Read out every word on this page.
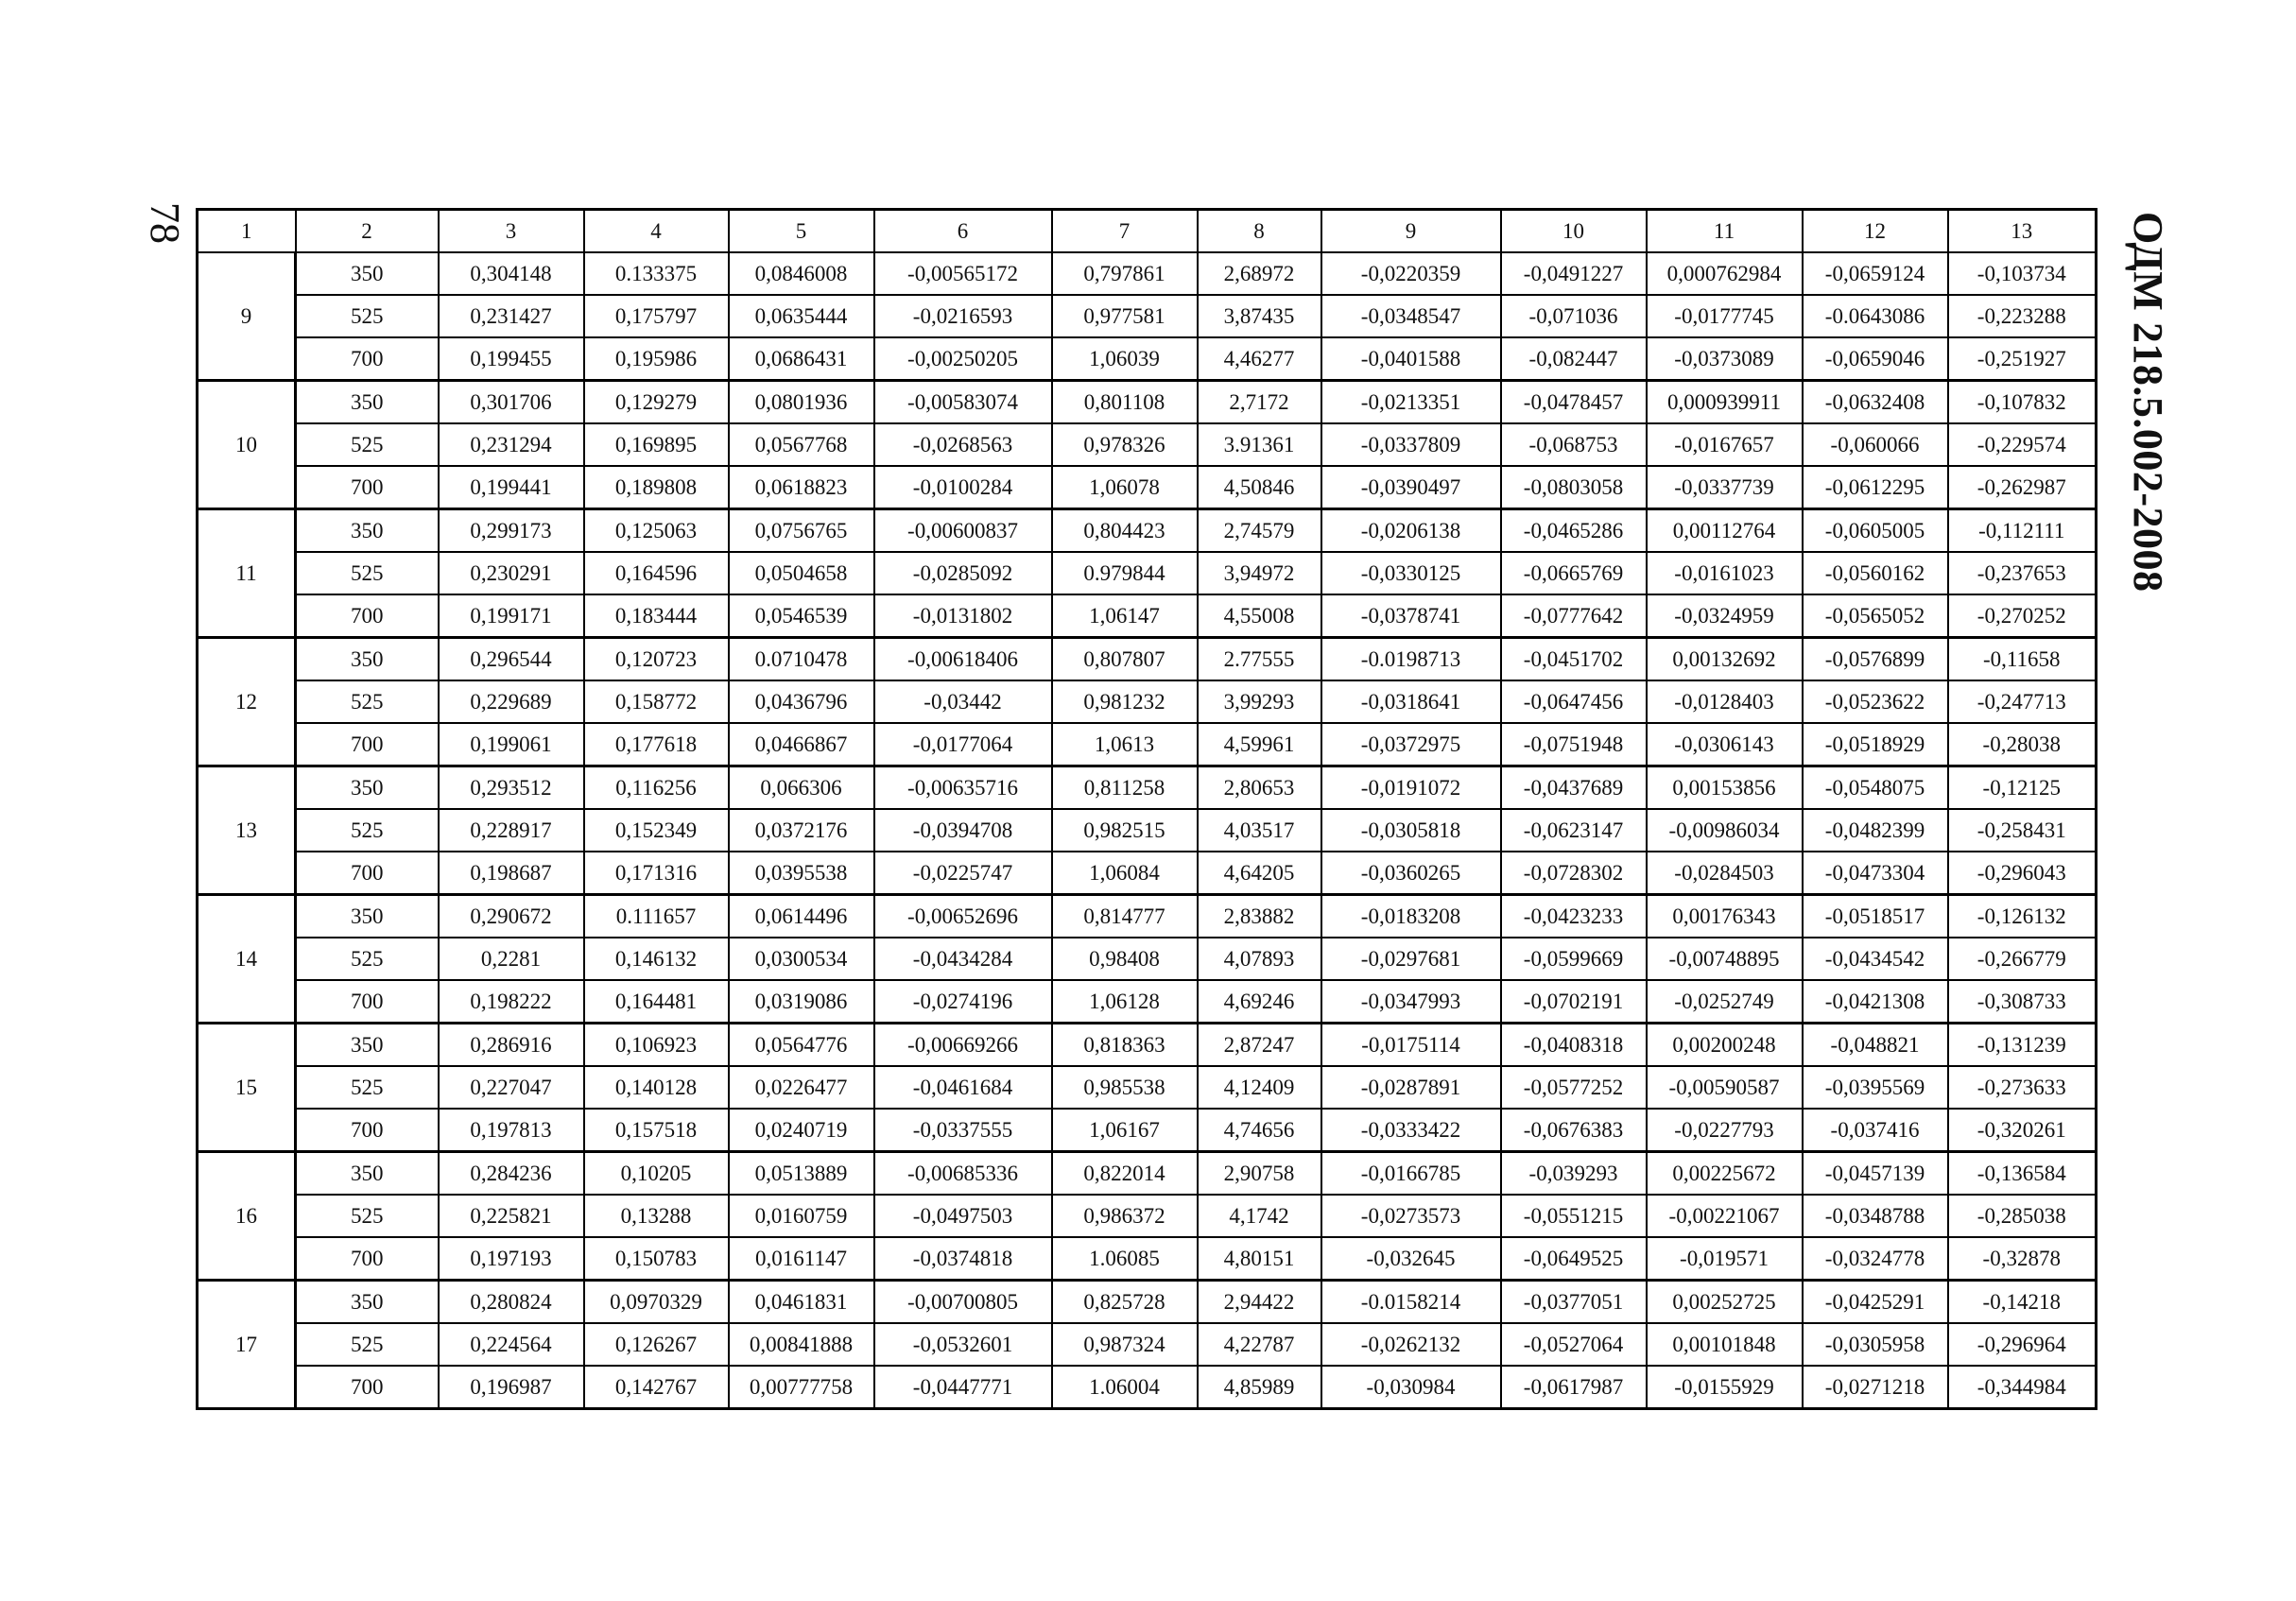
78	ОДМ 218.5.002-2008
1	2	3	4	5	6	7	8	9	10	11	12	13
9	350	0,304148	0.133375	0,0846008	-0,00565172	0,797861	2,68972	-0,0220359	-0,0491227	0,000762984	-0,0659124	-0,103734
	525	0,231427	0,175797	0,0635444	-0,0216593	0,977581	3,87435	-0,0348547	-0,071036	-0,0177745	-0.0643086	-0,223288
	700	0,199455	0,195986	0,0686431	-0,00250205	1,06039	4,46277	-0,0401588	-0,082447	-0,0373089	-0,0659046	-0,251927
10	350	0,301706	0,129279	0,0801936	-0,00583074	0,801108	2,7172	-0,0213351	-0,0478457	0,000939911	-0,0632408	-0,107832
	525	0,231294	0,169895	0,0567768	-0,0268563	0,978326	3.91361	-0,0337809	-0,068753	-0,0167657	-0,060066	-0,229574
	700	0,199441	0,189808	0,0618823	-0,0100284	1,06078	4,50846	-0,0390497	-0,0803058	-0,0337739	-0,0612295	-0,262987
11	350	0,299173	0,125063	0,0756765	-0,00600837	0,804423	2,74579	-0,0206138	-0,0465286	0,00112764	-0,0605005	-0,112111
	525	0,230291	0,164596	0,0504658	-0,0285092	0.979844	3,94972	-0,0330125	-0,0665769	-0,0161023	-0,0560162	-0,237653
	700	0,199171	0,183444	0,0546539	-0,0131802	1,06147	4,55008	-0,0378741	-0,0777642	-0,0324959	-0,0565052	-0,270252
12	350	0,296544	0,120723	0.0710478	-0,00618406	0,807807	2.77555	-0.0198713	-0,0451702	0,00132692	-0,0576899	-0,11658
	525	0,229689	0,158772	0,0436796	-0,03442	0,981232	3,99293	-0,0318641	-0,0647456	-0,0128403	-0,0523622	-0,247713
	700	0,199061	0,177618	0,0466867	-0,0177064	1,0613	4,59961	-0,0372975	-0,0751948	-0,0306143	-0,0518929	-0,28038
13	350	0,293512	0,116256	0,066306	-0,00635716	0,811258	2,80653	-0,0191072	-0,0437689	0,00153856	-0,0548075	-0,12125
	525	0,228917	0,152349	0,0372176	-0,0394708	0,982515	4,03517	-0,0305818	-0,0623147	-0,00986034	-0,0482399	-0,258431
	700	0,198687	0,171316	0,0395538	-0,0225747	1,06084	4,64205	-0,0360265	-0,0728302	-0,0284503	-0,0473304	-0,296043
14	350	0,290672	0.111657	0,0614496	-0,00652696	0,814777	2,83882	-0,0183208	-0,0423233	0,00176343	-0,0518517	-0,126132
	525	0,2281	0,146132	0,0300534	-0,0434284	0,98408	4,07893	-0,0297681	-0,0599669	-0,00748895	-0,0434542	-0,266779
	700	0,198222	0,164481	0,0319086	-0,0274196	1,06128	4,69246	-0,0347993	-0,0702191	-0,0252749	-0,0421308	-0,308733
15	350	0,286916	0,106923	0,0564776	-0,00669266	0,818363	2,87247	-0,0175114	-0,0408318	0,00200248	-0,048821	-0,131239
	525	0,227047	0,140128	0,0226477	-0,0461684	0,985538	4,12409	-0,0287891	-0,0577252	-0,00590587	-0,0395569	-0,273633
	700	0,197813	0,157518	0,0240719	-0,0337555	1,06167	4,74656	-0,0333422	-0,0676383	-0,0227793	-0,037416	-0,320261
16	350	0,284236	0,10205	0,0513889	-0,00685336	0,822014	2,90758	-0,0166785	-0,039293	0,00225672	-0,0457139	-0,136584
	525	0,225821	0,13288	0,0160759	-0,0497503	0,986372	4,1742	-0,0273573	-0,0551215	-0,00221067	-0,0348788	-0,285038
	700	0,197193	0,150783	0,0161147	-0,0374818	1.06085	4,80151	-0,032645	-0,0649525	-0,019571	-0,0324778	-0,32878
17	350	0,280824	0,0970329	0,0461831	-0,00700805	0,825728	2,94422	-0.0158214	-0,0377051	0,00252725	-0,0425291	-0,14218
	525	0,224564	0,126267	0,00841888	-0,0532601	0,987324	4,22787	-0,0262132	-0,0527064	0,00101848	-0,0305958	-0,296964
	700	0,196987	0,142767	0,00777758	-0,0447771	1.06004	4,85989	-0,030984	-0,0617987	-0,0155929	-0,0271218	-0,344984
